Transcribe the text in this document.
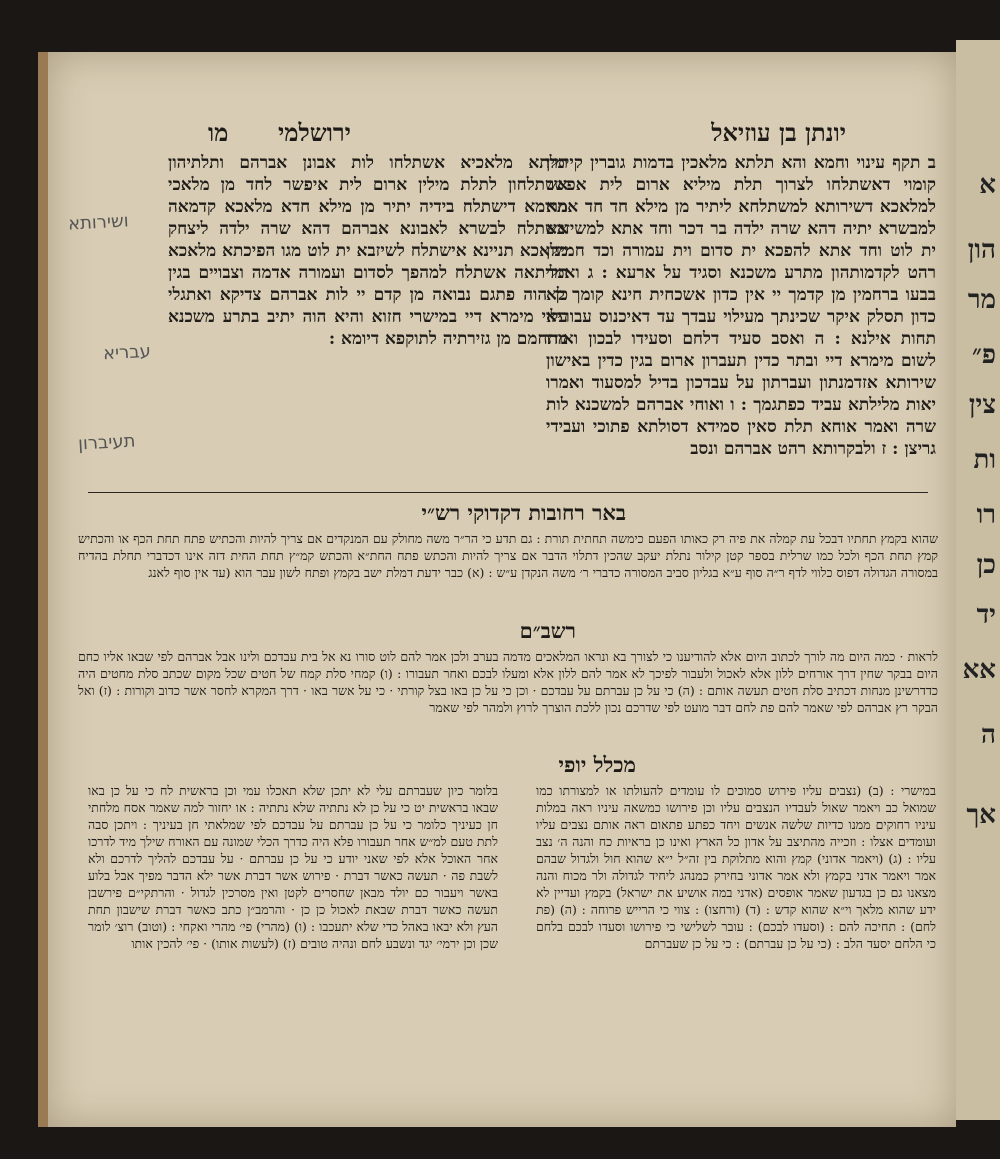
יונתן בן עוזיאל
ירושלמי
מו
ב תקף עינוי וחמא והא תלתא מלאכין בדמות גוברין קיימין קומוי דאשתלחו לצרוך תלת מיליא ארום לית אפשר למלאכא דשירותא למשתלחא ליתיר מן מילא חד חד אתא למבשרא יתיה דהא שרה ילדה בר דכר וחד אתא למשיזבא ית לוט וחד אתא להפכא ית סדום וית עמורה וכד חמינון רהט לקדמותהון מתרע משכנא וסגיד על ארעא : ג ואמר בבעו ברחמין מן קדמך יי אין כדון אשכחית חינא קומך לא כדון תסלק איקר שכינתך מעילוי עבדך עד דאיכנוס עבוריא תחות אילנא : ה ואסב סעיד דלחם וסעידו לבכון ואודו לשום מימרא דיי ובתר כדין תעברון ארום בגין כדין באישון שירותא אזדמנתון ועברתון על עבדכון בדיל למסעוד ואמרו יאות מלילתא עביד כפתגמך : ו ואוחי אברהם למשכנא לות שרה ואמר אוחא תלת סאין סמידא דסולתא פתוכי ועבידי גריצן : ז ולבקרותא רהט אברהם ונסב
תלתא מלאכיא אשתלחו לות אבונן אברהם ותלתיהון אשתלחון לתלת מילין ארום לית איפשר לחד מן מלאכי מרומא דישתלח בידיה יתיר מן מילא חדא מלאכא קדמאה אשתלח לבשרא לאבונא אברהם דהא שרה ילדה ליצחק מלאכא תניינא אישתלח לשיזבא ית לוט מגו הפיכתא מלאכא תליתאה אשתלח למהפך לסדום ועמורה אדמה וצבויים בגין כן הוה פתגם נבואה מן קדם יי לות אברהם צדיקא ואתגלי עלוי מימרא דיי במישרי חזוא והיא הוה יתיב בתרע משכנא מתחמם מן גזירתיה לתוקפא דיומא :
ושירותא
עבריא
תעיברון
באר רחובות דקדוקי רש״י
שהוא בקמץ תחתיו דבכל עת קמלה את פיה רק כאותו הפעם כימשה תחתית תורת : גם תדע כי הר״ר משה מחולק עם המנקדים אם צריך להיות והכתיש פתח תחת הכף או והכתיש קמץ תחת הכף ולכל כמו שרלית בספר קטן קילור נתלת יעקב שהכין דתלוי הדבר אם צריך להיות והכתש פתח החת״א והכתש קמ״ץ תחת החית דזה אינו דכדברי תחלת בהדיח במסורה הגדולה דפוס כלווי לדף ר״ה סוף ע״א בגליון סביב המסורה כדברי ר׳ משה הנקדן ע״ש : (א) כבר ידעת דמלת ישב בקמץ ופתח לשון עבר הוא (עד אין סוף לאנג
רשב״ם
לראות · כמה היום מה לורך לכתוב היום אלא להודיענו כי לצורך בא ונראו המלאכים מדמה בערב ולכן אמר להם לוט סורו נא אל בית עבדכם ולינו אבל אברהם לפי שבאו אליו כחם היום בבקר שחין דרך אורחים ללון אלא לאכול ולעבור לפיכך לא אמר להם ללון אלא ומעלו לבכם ואחר תעבורו : (ו) קמחי סלת קמח של חטים שכל מקום שכתב סלת מחטים היה כדדרשינן מנחות דכתיב סלת חטים תעשה אותם : (ה) כי על כן עברתם על עבדכם · וכן כי על כן באו בצל קורתי · כי על אשר באו · דרך המקרא לחסר אשר כדוב וקורות : (ז) ואל הבקר רץ אברהם לפי שאמר להם פת לחם דבר מועט לפי שדרכם נכון ללכת הוצרך לרוץ ולמהר לפי שאמר
מכלל יופי
במישרי : (ב) (נצבים עליו פירוש סמוכים לו עומדים להעולתו או למצורתו כמו שמואל כב ויאמר שאול לעבדיו הנצבים עליו וכן פירושו כמשאה עיניו ראה במלות עיניו רחוקים ממנו כדיות שלשה אנשים ויחד כפתע פתאום ראה אותם נצבים עליו ועומדים אצלו : וזכייה מהתיצב על אדון כל הארץ ואינו כן בראיות כח והנה ה׳ נצב עליו : (ג) (ויאמר אדוני) קמץ והוא מתלוקת בין זה״ל י״א שהוא חול ולגדול שבהם אמר ויאמר אדני בקמץ ולא אמר אדוני בחירק כמנהג ליחיד לגדולה ולר מכוח והנה מצאנו גם כן בגדעון שאמר אופסים (אדני במה אושיע את ישראל) בקמץ ועדיין לא ידע שהוא מלאך וי״א שהוא קדש : (ד) (ורחצו) : צווי כי הרייש פרוחה : (ה) (פת לחם) : תחיכה להם : (וסעדו לבכם) : עובר לשלישי כי פירושו וסעדו לבכם בלחם כי הלחם יסעד הלב : (כי על כן עברתם) : כי על כן שעברתם
בלומר כיון שעברתם עלי לא יתכן שלא תאכלו עמי וכן בראשית לח כי על כן באו שבאו בראשית יט כי על כן לא נתתיה שלא נתתיה : או יחזור למה שאמר אסח מלחתי חן כעיניך כלומר כי על כן עברתם על עבדכם לפי שמלאתי חן בעיניך : ויתכן סבה לתת טעם למ״ש אחר תעבורו פלא היה כדרך הכלי שמונה עם האורח שילך מיד לדרכו אחר האוכל אלא לפי שאני יודע כי על כן עברתם · על עבדכם להליך לדרכם ולא לשבת פה · תעשה כאשר דברת · פירוש אשר דברת אשר ילא הדבר מפיך אבל בלוע באשר ויעבור כם יולד מבאן שחסרים לקטן ואין מסרכין לגדול · והרתקי״ם פירשבן תעשה כאשר דברת שבאת לאכול כן כן · והרמב״ן כתב כאשר דברת שישבון תחת העץ ולא יבאו באהל כדי שלא יתעכבו : (ו) (מהרי) פי׳ מהרי ואקחי : (וטוב) רוצ׳ לומר שכן וכן ירמי׳ יגד ונשבע לחם ונהיה טובים (ז) (לעשות אותו) · פי׳ להכין אותו
א
הון
מר
פ״
צין
ות
רו
כן
יד
אא
ה
אך
